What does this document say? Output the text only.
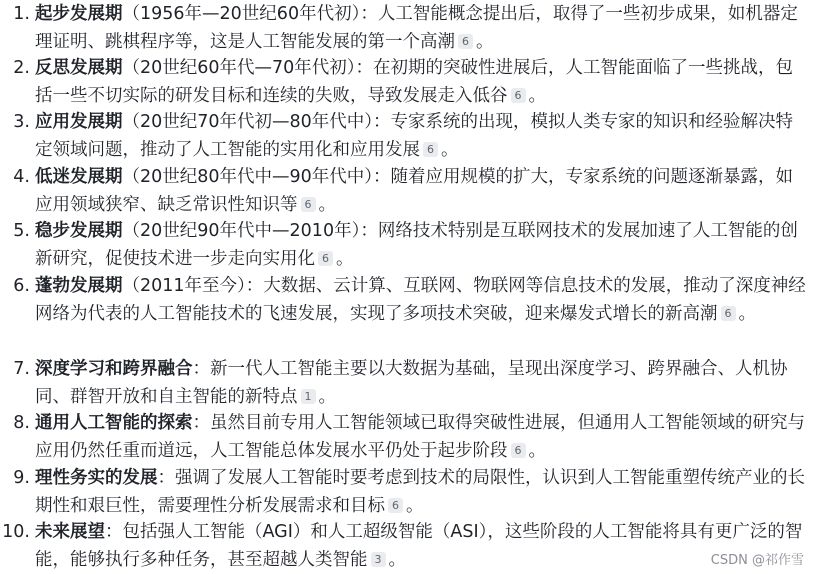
1. 起步发展期（1956年—20世纪60年代初）：人工智能概念提出后，取得了一些初步成果，如机器定理证明、跳棋程序等，这是人工智能发展的第一个高潮 6 。
2. 反思发展期（20世纪60年代—70年代初）：在初期的突破性进展后，人工智能面临了一些挑战，包括一些不切实际的研发目标和连续的失败，导致发展走入低谷 6 。
3. 应用发展期（20世纪70年代初—80年代中）：专家系统的出现，模拟人类专家的知识和经验解决特定领域问题，推动了人工智能的实用化和应用发展 6 。
4. 低迷发展期（20世纪80年代中—90年代中）：随着应用规模的扩大，专家系统的问题逐渐暴露，如应用领域狭窄、缺乏常识性知识等 6 。
5. 稳步发展期（20世纪90年代中—2010年）：网络技术特别是互联网技术的发展加速了人工智能的创新研究，促使技术进一步走向实用化 6 。
6. 蓬勃发展期（2011年至今）：大数据、云计算、互联网、物联网等信息技术的发展，推动了深度神经网络为代表的人工智能技术的飞速发展，实现了多项技术突破，迎来爆发式增长的新高潮 6 。
7. 深度学习和跨界融合：新一代人工智能主要以大数据为基础，呈现出深度学习、跨界融合、人机协同、群智开放和自主智能的新特点 1 。
8. 通用人工智能的探索：虽然目前专用人工智能领域已取得突破性进展，但通用人工智能领域的研究与应用仍然任重而道远，人工智能总体发展水平仍处于起步阶段 6 。
9. 理性务实的发展：强调了发展人工智能时要考虑到技术的局限性，认识到人工智能重塑传统产业的长期性和艰巨性，需要理性分析发展需求和目标 6 。
10. 未来展望：包括强人工智能（AGI）和人工超级智能（ASI），这些阶段的人工智能将具有更广泛的智能，能够执行多种任务，甚至超越人类智能 3 。	CSDN @祁作雪
